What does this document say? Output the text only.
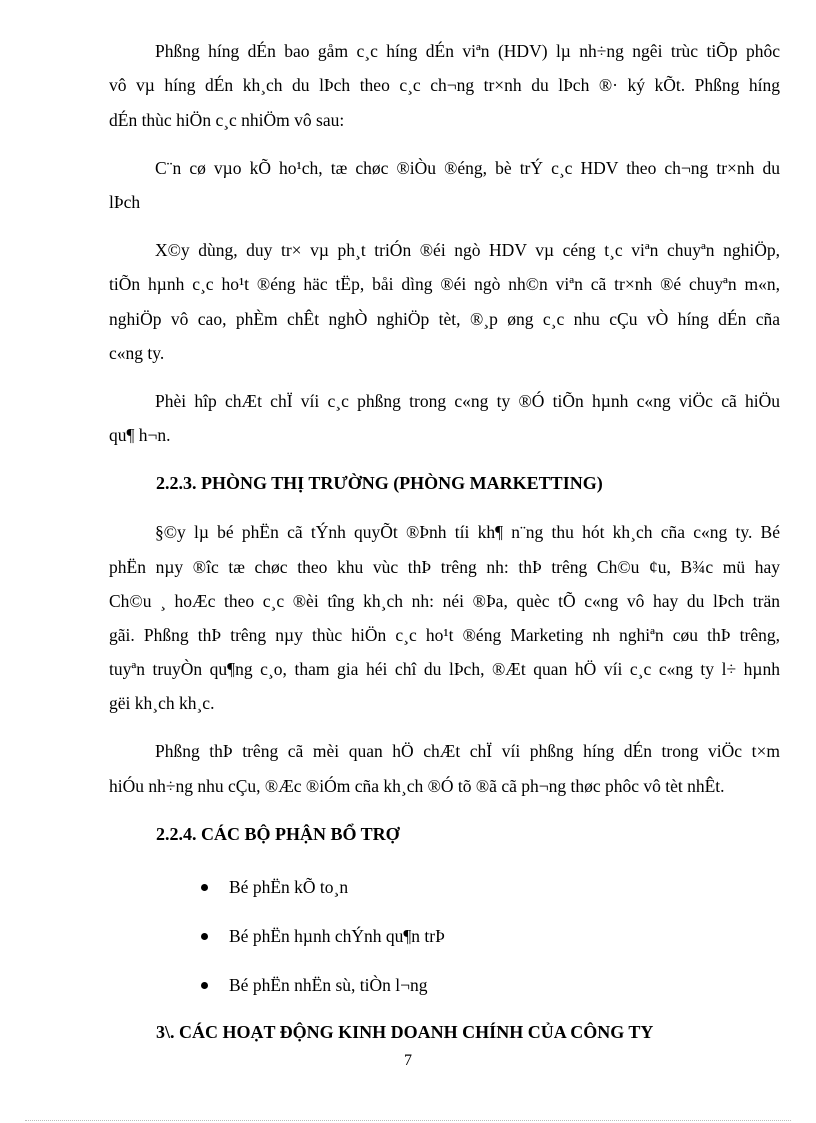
Phßng híng dÉn bao gåm c¸c híng dÉn viªn (HDV) lµ nh÷ng ngêi trùc tiÕp phôc
vô vµ híng dÉn kh¸ch du lÞch theo c¸c ch¬ng tr×nh du lÞch ®· ký kÕt. Phßng híng
dÉn thùc hiÖn c¸c nhiÖm vô sau:
C¨n cø vµo kÕ ho¹ch, tæ chøc ®iÒu ®éng, bè trÝ c¸c HDV theo ch¬ng tr×nh du
lÞch
X©y dùng, duy tr× vµ ph¸t triÓn ®éi ngò HDV vµ céng t¸c viªn chuyªn nghiÖp,
tiÕn hµnh c¸c ho¹t ®éng häc tËp, båi dìng ®éi ngò nh©n viªn cã tr×nh ®é chuyªn m«n,
nghiÖp vô cao, phÈm chÊt nghÒ nghiÖp tèt, ®¸p øng c¸c nhu cÇu vÒ híng dÉn cña
c«ng ty.
Phèi hîp chÆt chÏ víi c¸c phßng trong c«ng ty ®Ó tiÕn hµnh c«ng viÖc cã hiÖu
qu¶ h¬n.
2.2.3. PHÒNG THỊ TRƯỜNG (PHÒNG MARKETTING)
§©y lµ bé phËn cã tÝnh quyÕt ®Þnh tíi kh¶ n¨ng thu hót kh¸ch cña c«ng ty. Bé
phËn nµy ®îc tæ chøc theo khu vùc thÞ trêng nh: thÞ trêng Ch©u ¢u, B¾c mü hay
Ch©u ¸ hoÆc theo c¸c ®èi tîng kh¸ch nh: néi ®Þa, quèc tÕ c«ng vô hay du lÞch trän
gãi. Phßng thÞ trêng nµy thùc hiÖn c¸c ho¹t ®éng Marketing nh nghiªn cøu thÞ trêng,
tuyªn truyÒn qu¶ng c¸o, tham gia héi chî du lÞch, ®Æt quan hÖ víi c¸c c«ng ty l÷ hµnh
gëi kh¸ch kh¸c.
Phßng thÞ trêng cã mèi quan hÖ chÆt chÏ víi phßng híng dÉn trong viÖc t×m
hiÓu nh÷ng nhu cÇu, ®Æc ®iÓm cña kh¸ch ®Ó tõ ®ã cã ph¬ng thøc phôc vô tèt nhÊt.
2.2.4. CÁC BỘ PHẬN BỔ TRỢ
Bé phËn kÕ to¸n
Bé phËn hµnh chÝnh qu¶n trÞ
Bé phËn nhËn sù, tiÒn l¬ng
3\. CÁC HOẠT ĐỘNG KINH DOANH CHÍNH CỦA CÔNG TY
7
